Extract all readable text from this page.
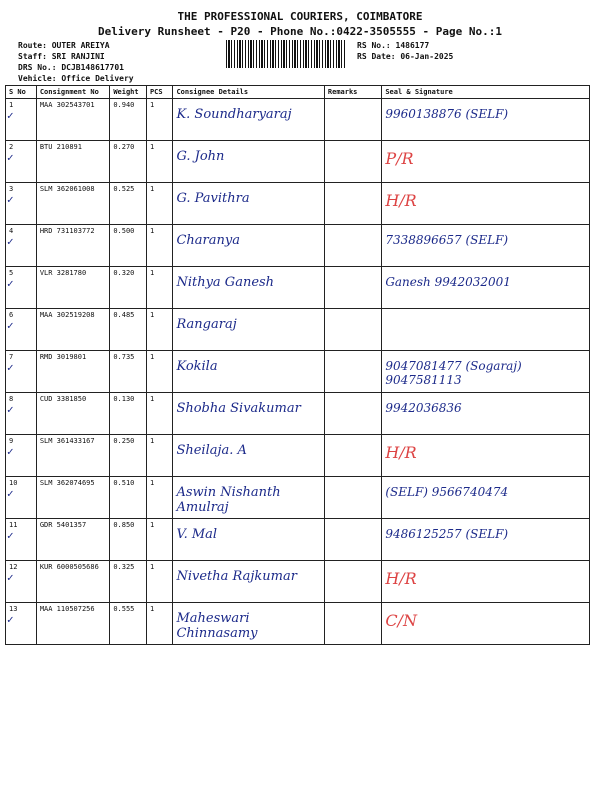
THE PROFESSIONAL COURIERS, COIMBATORE
Delivery Runsheet - P20 - Phone No.:0422-3505555 - Page No.:1
Route: OUTER AREIYA
Staff: SRI RANJINI
DRS No.: DCJB148617701
Vehicle: Office Delivery
RS No.: 1486177
RS Date: 06-Jan-2025
S No	Consignment No	Weight	PCS	Consignee Details	Remarks	Seal & Signature
1
✓	MAA 302543701	0.940	1	K. Soundharyaraj		9960138876 (SELF)

2
✓	BTU 210891	0.270	1	G. John		P/R

3
✓	SLM 362061008	0.525	1	G. Pavithra		H/R

4
✓	HRD 731103772	0.500	1	Charanya		7338896657 (SELF)

5
✓	VLR 3281780	0.320	1	Nithya Ganesh		Ganesh 9942032001

6
✓	MAA 302519208	0.485	1	Rangaraj		

7
✓	RMD 3019801	0.735	1	Kokila		9047081477 (Sogaraj) 9047581113

8
✓	CUD 3381850	0.130	1	Shobha Sivakumar		9942036836

9
✓	SLM 361433167	0.250	1	Sheilaja. A		H/R

10
✓	SLM 362074695	0.510	1	Aswin Nishanth Amulraj		(SELF) 9566740474

11
✓	GDR 5401357	0.850	1	V. Mal		9486125257 (SELF)

12
✓	KUR 6000505686	0.325	1	Nivetha Rajkumar		H/R

13
✓	MAA 110507256	0.555	1	Maheswari Chinnasamy		C/N
